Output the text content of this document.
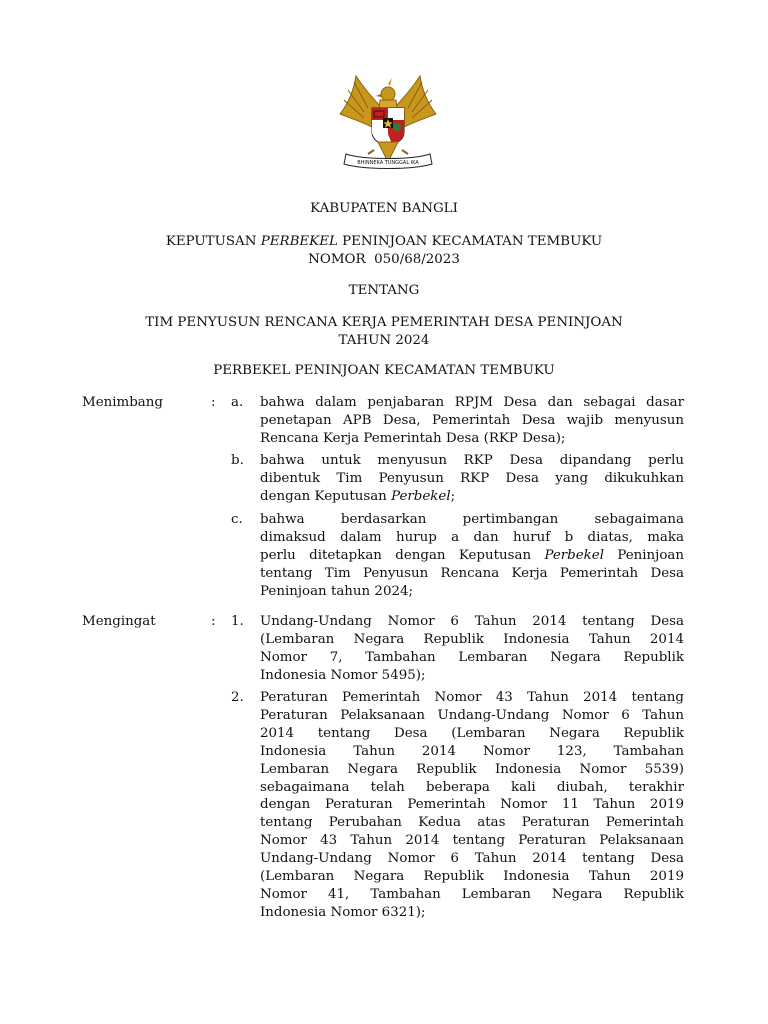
BHINNEKA TUNGGAL IKA
KABUPATEN BANGLI
KEPUTUSAN PERBEKEL PENINJOAN KECAMATAN TEMBUKU
NOMOR  050/68/2023
TENTANG
TIM PENYUSUN RENCANA KERJA PEMERINTAH DESA PENINJOAN
TAHUN 2024
PERBEKEL PENINJOAN KECAMATAN TEMBUKU
Menimbang	: a. bahwa dalam penjabaran RPJM Desa dan sebagai dasar
penetapan APB Desa, Pemerintah Desa wajib menyusun
Rencana Kerja Pemerintah Desa (RKP Desa);
b. bahwa untuk menyusun RKP Desa dipandang perlu
dibentuk Tim Penyusun RKP Desa yang dikukuhkan
dengan Keputusan Perbekel;
c. bahwa berdasarkan pertimbangan sebagaimana
dimaksud dalam hurup a dan huruf b diatas, maka
perlu ditetapkan dengan Keputusan Perbekel Peninjoan
tentang Tim Penyusun Rencana Kerja Pemerintah Desa
Peninjoan tahun 2024;
Mengingat	: 1. Undang-Undang Nomor 6 Tahun 2014 tentang Desa
(Lembaran Negara Republik Indonesia Tahun 2014
Nomor 7, Tambahan Lembaran Negara Republik
Indonesia Nomor 5495);
2. Peraturan Pemerintah Nomor 43 Tahun 2014 tentang
Peraturan Pelaksanaan Undang-Undang Nomor 6 Tahun
2014 tentang Desa (Lembaran Negara Republik
Indonesia Tahun 2014 Nomor 123, Tambahan
Lembaran Negara Republik Indonesia Nomor 5539)
sebagaimana telah beberapa kali diubah, terakhir
dengan Peraturan Pemerintah Nomor 11 Tahun 2019
tentang Perubahan Kedua atas Peraturan Pemerintah
Nomor 43 Tahun 2014 tentang Peraturan Pelaksanaan
Undang-Undang Nomor 6 Tahun 2014 tentang Desa
(Lembaran Negara Republik Indonesia Tahun 2019
Nomor 41, Tambahan Lembaran Negara Republik
Indonesia Nomor 6321);
